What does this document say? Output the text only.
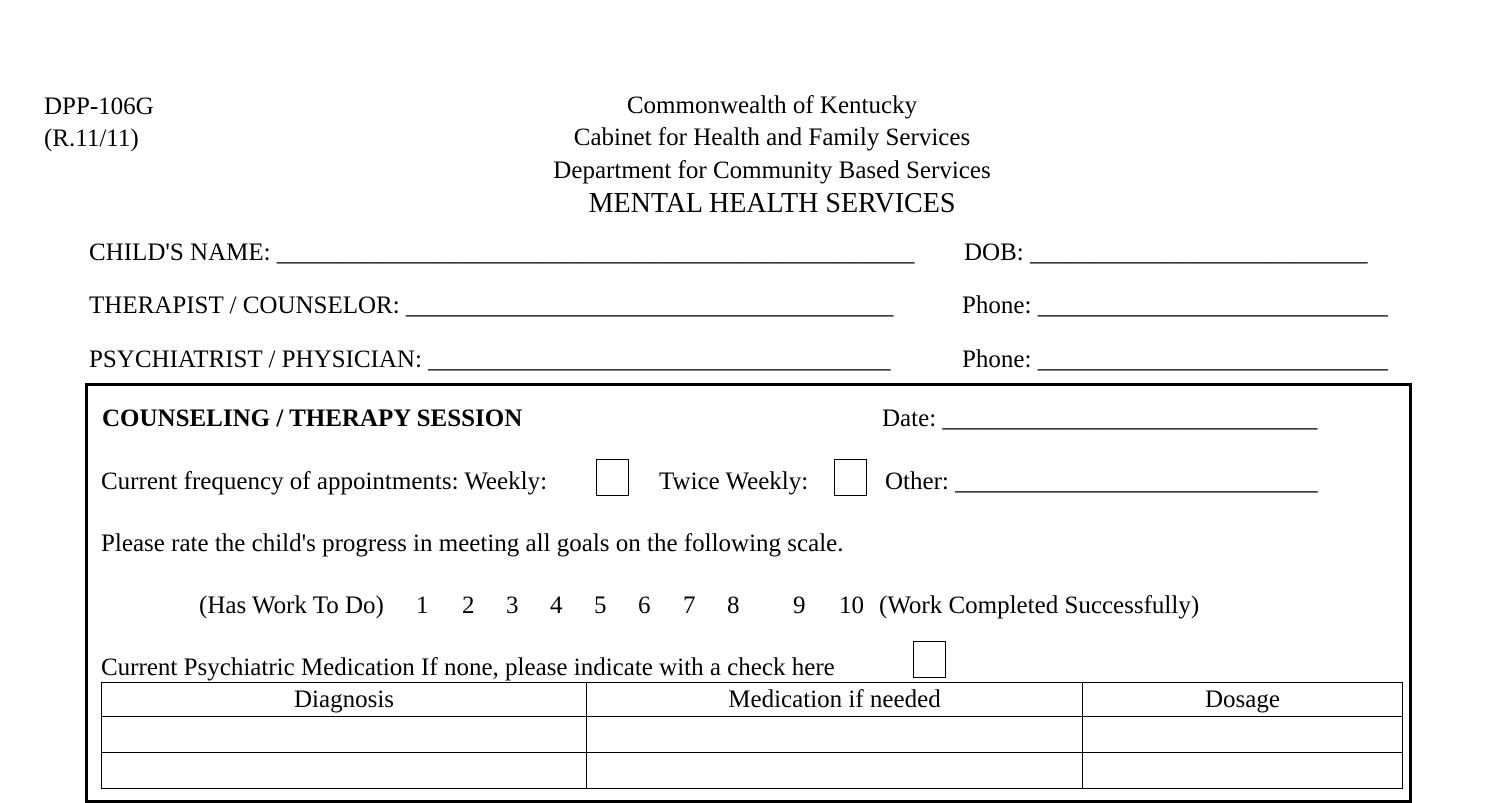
DPP-106G
(R.11/11)
Commonwealth of Kentucky
Cabinet for Health and Family Services
Department for Community Based Services
MENTAL HEALTH SERVICES
CHILD'S NAME: ___________________________________________________ DOB: ___________________________
THERAPIST / COUNSELOR: _______________________________________	Phone: ____________________________
PSYCHIATRIST / PHYSICIAN: _____________________________________	Phone: ____________________________
COUNSELING / THERAPY SESSION	Date: ______________________________
Current frequency of appointments: Weekly:	Twice Weekly:	Other: _____________________________
Please rate the child's progress in meeting all goals on the following scale.
(Has Work To Do) 1 2 3 4 5 6 7 8 9 10 (Work Completed Successfully)
Current Psychiatric Medication If none, please indicate with a check here
Diagnosis	Medication if needed	Dosage
